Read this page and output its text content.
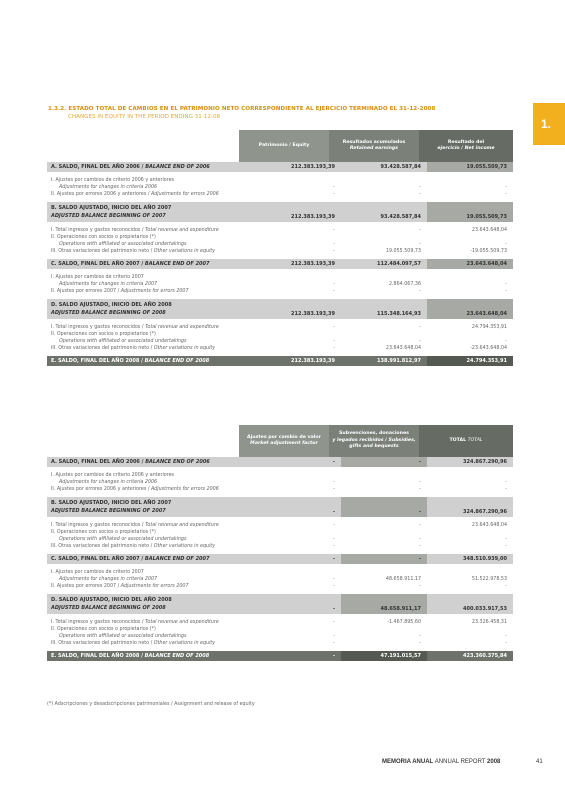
1.
1.3.2. ESTADO TOTAL DE CAMBIOS EN EL PATRIMONIO NETO CORRESPONDIENTE AL EJERCICIO TERMINADO EL 31-12-2008
CHANGES IN EQUITY IN THE PERIOD ENDING 31-12-08
Patrimonio / Equity
Resultados acumulados
Retained earnings
Resultado del
ejercicio / Net income
A. SALDO, FINAL DEL AÑO 2006 / BALANCE END OF 2006	212.383.193,39	93.428.587,84	19.055.509,73
I. Ajustes por cambios de criterio 2006 y anteriores
Adjustments for changes in criteria 2006	-	-	-
II. Ajustes por errores 2006 y anteriores / Adjustments for errors 2006	-	-	-
B. SALDO AJUSTADO, INICIO DEL AÑO 2007
ADJUSTED BALANCE BEGINNING OF 2007	212.383.193,39	93.428.587,84	19.055.509,73
I. Total ingresos y gastos reconocidos / Total revenue and expenditure	-	-	23.643.648,04
II. Operaciones con socios o propietarios (*)
Operations with affiliated or associated undertakings	-	-	-
III. Otras variaciones del patrimonio neto / Other variations in equity	-	19.055.509,73	-19.055.509,73
C. SALDO, FINAL DEL AÑO 2007 / BALANCE END OF 2007	212.383.193,39	112.484.097,57	23.643.648,04
I. Ajustes por cambios de criterio 2007
Adjustments for changes in criteria 2007	-	2.864.067,36	-
II. Ajustes por errores 2007 / Adjustments for errors 2007	-	-	-
D. SALDO AJUSTADO, INICIO DEL AÑO 2008
ADJUSTED BALANCE BEGINNING OF 2008	212.383.193,39	115.348.164,93	23.643.648,04
I. Total ingresos y gastos reconocidos / Total revenue and expenditure	-	-	24.794.353,91
II. Operaciones con socios o propietarios (*)
Operations with affiliated or associated undertakings	-	-	-
III. Otras variaciones del patrimonio neto / Other variations in equity	-	23.643.648,04	-23.643.648,04
E. SALDO, FINAL DEL AÑO 2008 / BALANCE END OF 2008	212.383.193,39	138.991.812,97	24.794.353,91
Ajustes por cambio de valor
Market adjustment factor
Subvenciones, donaciones
y legados recibidos / Subsidies,
gifts and bequests
TOTAL TOTAL
A. SALDO, FINAL DEL AÑO 2006 / BALANCE END OF 2006	-	-	324.867.290,96
I. Ajustes por cambios de criterio 2006 y anteriores
Adjustments for changes in criteria 2006	-	-	-
II. Ajustes por errores 2006 y anteriores / Adjustments for errors 2006	-	-	-
B. SALDO AJUSTADO, INICIO DEL AÑO 2007
ADJUSTED BALANCE BEGINNING OF 2007	-	-	324.867.290,96
I. Total ingresos y gastos reconocidos / Total revenue and expenditure	-	-	23.643.648,04
II. Operaciones con socios o propietarios (*)
Operations with affiliated or associated undertakings	-	-	-
III. Otras variaciones del patrimonio neto / Other variations in equity	-	-	-
C. SALDO, FINAL DEL AÑO 2007 / BALANCE END OF 2007	-	-	348.510.939,00
I. Ajustes por cambios de criterio 2007
Adjustments for changes in criteria 2007	-	48.658.911,17	51.522.978,53
II. Ajustes por errores 2007 / Adjustments for errors 2007	-	-	-
D. SALDO AJUSTADO, INICIO DEL AÑO 2008
ADJUSTED BALANCE BEGINNING OF 2008	-	48.658.911,17	400.033.917,53
I. Total ingresos y gastos reconocidos / Total revenue and expenditure	-	-1.467.895,60	23.326.458,31
II. Operaciones con socios o propietarios (*)
Operations with affiliated or associated undertakings	-	-	-
III. Otras variaciones del patrimonio neto / Other variations in equity	-	-	-
E. SALDO, FINAL DEL AÑO 2008 / BALANCE END OF 2008	-	47.191.015,57	423.360.375,84
(*) Adscripciones y desadscripciones patrimoniales / Assignment and release of equity
MEMORIA ANUAL ANNUAL REPORT 2008	41
